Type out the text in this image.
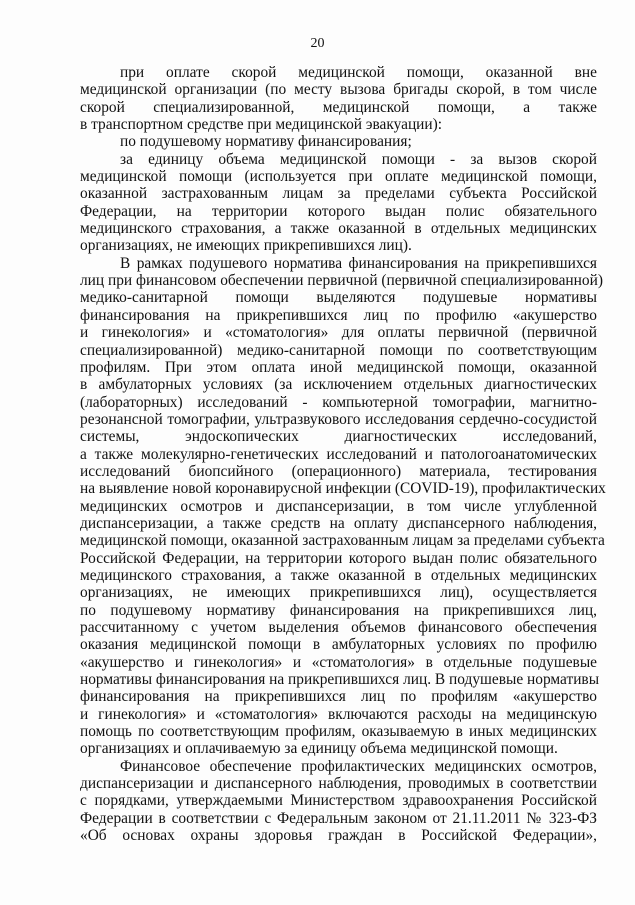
20
при оплате скорой медицинской помощи, оказанной вне
медицинской организации (по месту вызова бригады скорой, в том числе
скорой специализированной, медицинской помощи, а также
в транспортном средстве при медицинской эвакуации):
по подушевому нормативу финансирования;
за единицу объема медицинской помощи - за вызов скорой
медицинской помощи (используется при оплате медицинской помощи,
оказанной застрахованным лицам за пределами субъекта Российской
Федерации, на территории которого выдан полис обязательного
медицинского страхования, а также оказанной в отдельных медицинских
организациях, не имеющих прикрепившихся лиц).
В рамках подушевого норматива финансирования на прикрепившихся
лиц при финансовом обеспечении первичной (первичной специализированной)
медико-санитарной помощи выделяются подушевые нормативы
финансирования на прикрепившихся лиц по профилю «акушерство
и гинекология» и «стоматология» для оплаты первичной (первичной
специализированной) медико-санитарной помощи по соответствующим
профилям. При этом оплата иной медицинской помощи, оказанной
в амбулаторных условиях (за исключением отдельных диагностических
(лабораторных) исследований - компьютерной томографии, магнитно-
резонансной томографии, ультразвукового исследования сердечно-сосудистой
системы, эндоскопических диагностических исследований,
а также молекулярно-генетических исследований и патологоанатомических
исследований биопсийного (операционного) материала, тестирования
на выявление новой коронавирусной инфекции (COVID-19), профилактических
медицинских осмотров и диспансеризации, в том числе углубленной
диспансеризации, а также средств на оплату диспансерного наблюдения,
медицинской помощи, оказанной застрахованным лицам за пределами субъекта
Российской Федерации, на территории которого выдан полис обязательного
медицинского страхования, а также оказанной в отдельных медицинских
организациях, не имеющих прикрепившихся лиц), осуществляется
по подушевому нормативу финансирования на прикрепившихся лиц,
рассчитанному с учетом выделения объемов финансового обеспечения
оказания медицинской помощи в амбулаторных условиях по профилю
«акушерство и гинекология» и «стоматология» в отдельные подушевые
нормативы финансирования на прикрепившихся лиц. В подушевые нормативы
финансирования на прикрепившихся лиц по профилям «акушерство
и гинекология» и «стоматология» включаются расходы на медицинскую
помощь по соответствующим профилям, оказываемую в иных медицинских
организациях и оплачиваемую за единицу объема медицинской помощи.
Финансовое обеспечение профилактических медицинских осмотров,
диспансеризации и диспансерного наблюдения, проводимых в соответствии
с порядками, утверждаемыми Министерством здравоохранения Российской
Федерации в соответствии с Федеральным законом от 21.11.2011 № 323-ФЗ
«Об основах охраны здоровья граждан в Российской Федерации»,
